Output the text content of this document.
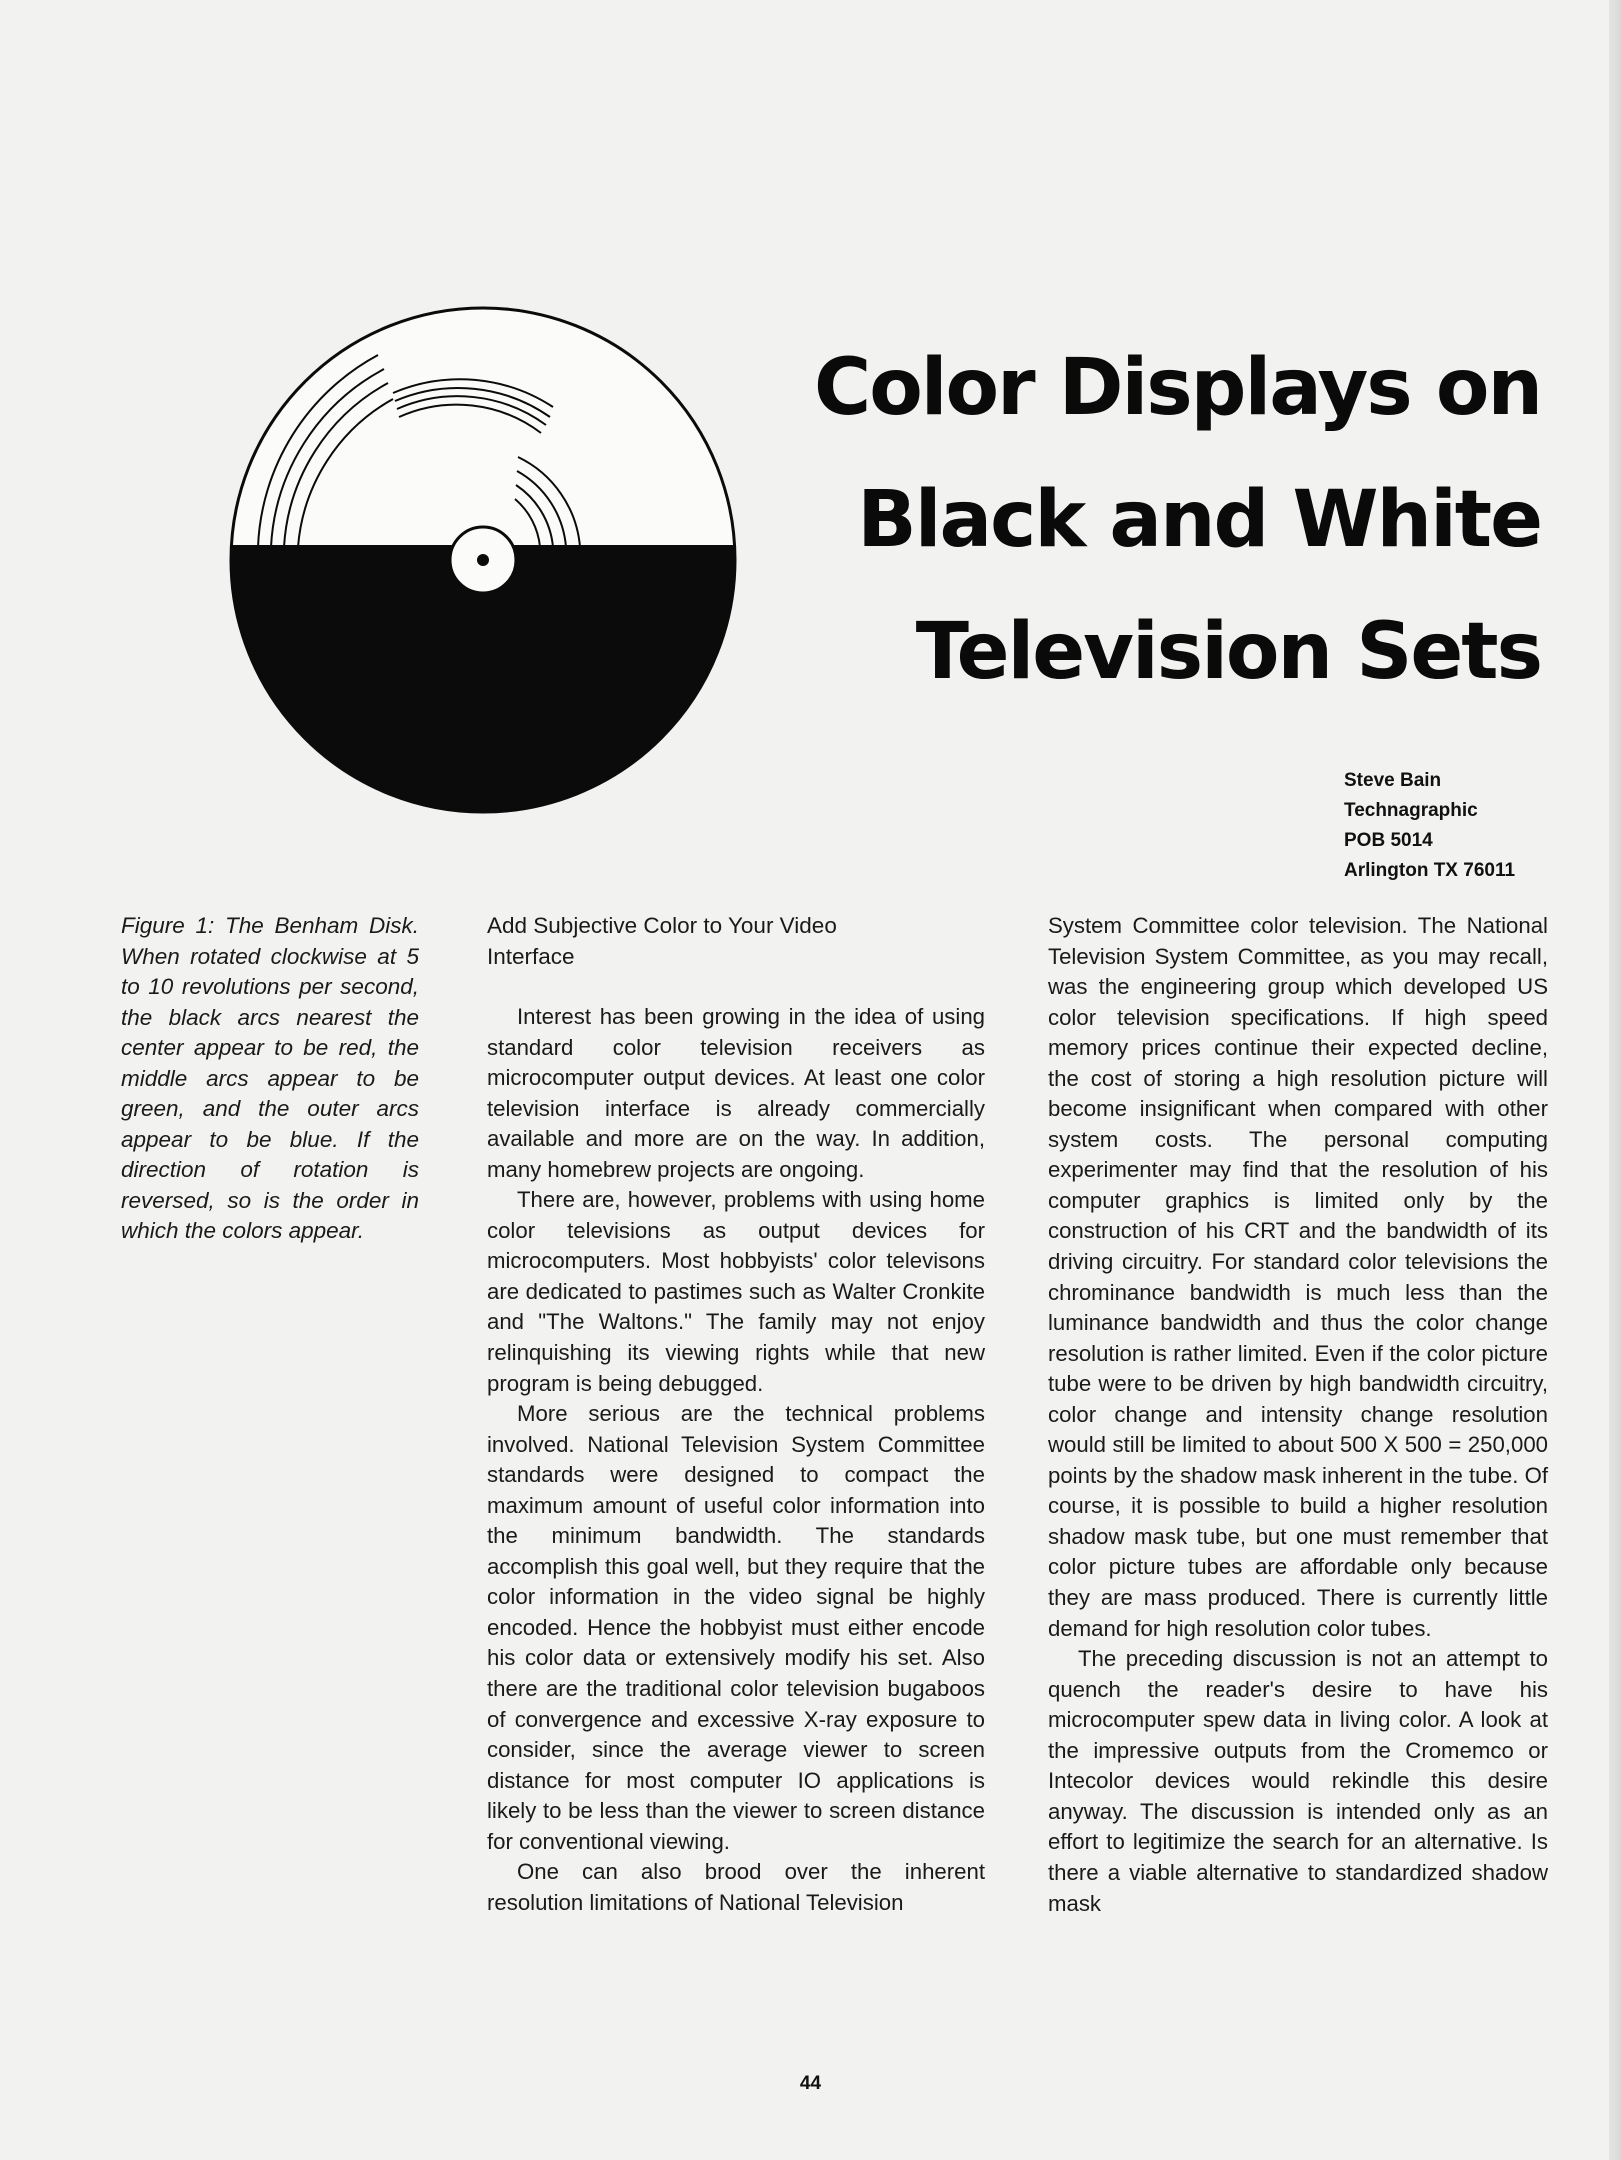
Color Displays on
Black and White
Television Sets
Steve Bain
Technagraphic
POB 5014
Arlington TX 76011

Figure 1: The Benham Disk. When rotated clockwise at 5 to 10 revolutions per second, the black arcs nearest the center appear to be red, the middle arcs appear to be green, and the outer arcs appear to be blue. If the direction of rotation is reversed, so is the order in which the colors appear.

Add Subjective Color to Your Video Interface

Interest has been growing in the idea of using standard color television receivers as microcomputer output devices. At least one color television interface is already commercially available and more are on the way. In addition, many homebrew projects are ongoing.

There are, however, problems with using home color televisions as output devices for microcomputers. Most hobbyists' color televisons are dedicated to pastimes such as Walter Cronkite and "The Waltons." The family may not enjoy relinquishing its viewing rights while that new program is being debugged.

More serious are the technical problems involved. National Television System Committee standards were designed to compact the maximum amount of useful color information into the minimum bandwidth. The standards accomplish this goal well, but they require that the color information in the video signal be highly encoded. Hence the hobbyist must either encode his color data or extensively modify his set. Also there are the traditional color television bugaboos of convergence and excessive X-ray exposure to consider, since the average viewer to screen distance for most computer IO applications is likely to be less than the viewer to screen distance for conventional viewing.

One can also brood over the inherent resolution limitations of National Television

System Committee color television. The National Television System Committee, as you may recall, was the engineering group which developed US color television specifications. If high speed memory prices continue their expected decline, the cost of storing a high resolution picture will become insignificant when compared with other system costs. The personal computing experimenter may find that the resolution of his computer graphics is limited only by the construction of his CRT and the bandwidth of its driving circuitry. For standard color televisions the chrominance bandwidth is much less than the luminance bandwidth and thus the color change resolution is rather limited. Even if the color picture tube were to be driven by high bandwidth circuitry, color change and intensity change resolution would still be limited to about 500 X 500 = 250,000 points by the shadow mask inherent in the tube. Of course, it is possible to build a higher resolution shadow mask tube, but one must remember that color picture tubes are affordable only because they are mass produced. There is currently little demand for high resolution color tubes.

The preceding discussion is not an attempt to quench the reader's desire to have his microcomputer spew data in living color. A look at the impressive outputs from the Cromemco or Intecolor devices would rekindle this desire anyway. The discussion is intended only as an effort to legitimize the search for an alternative. Is there a viable alternative to standardized shadow mask

44
